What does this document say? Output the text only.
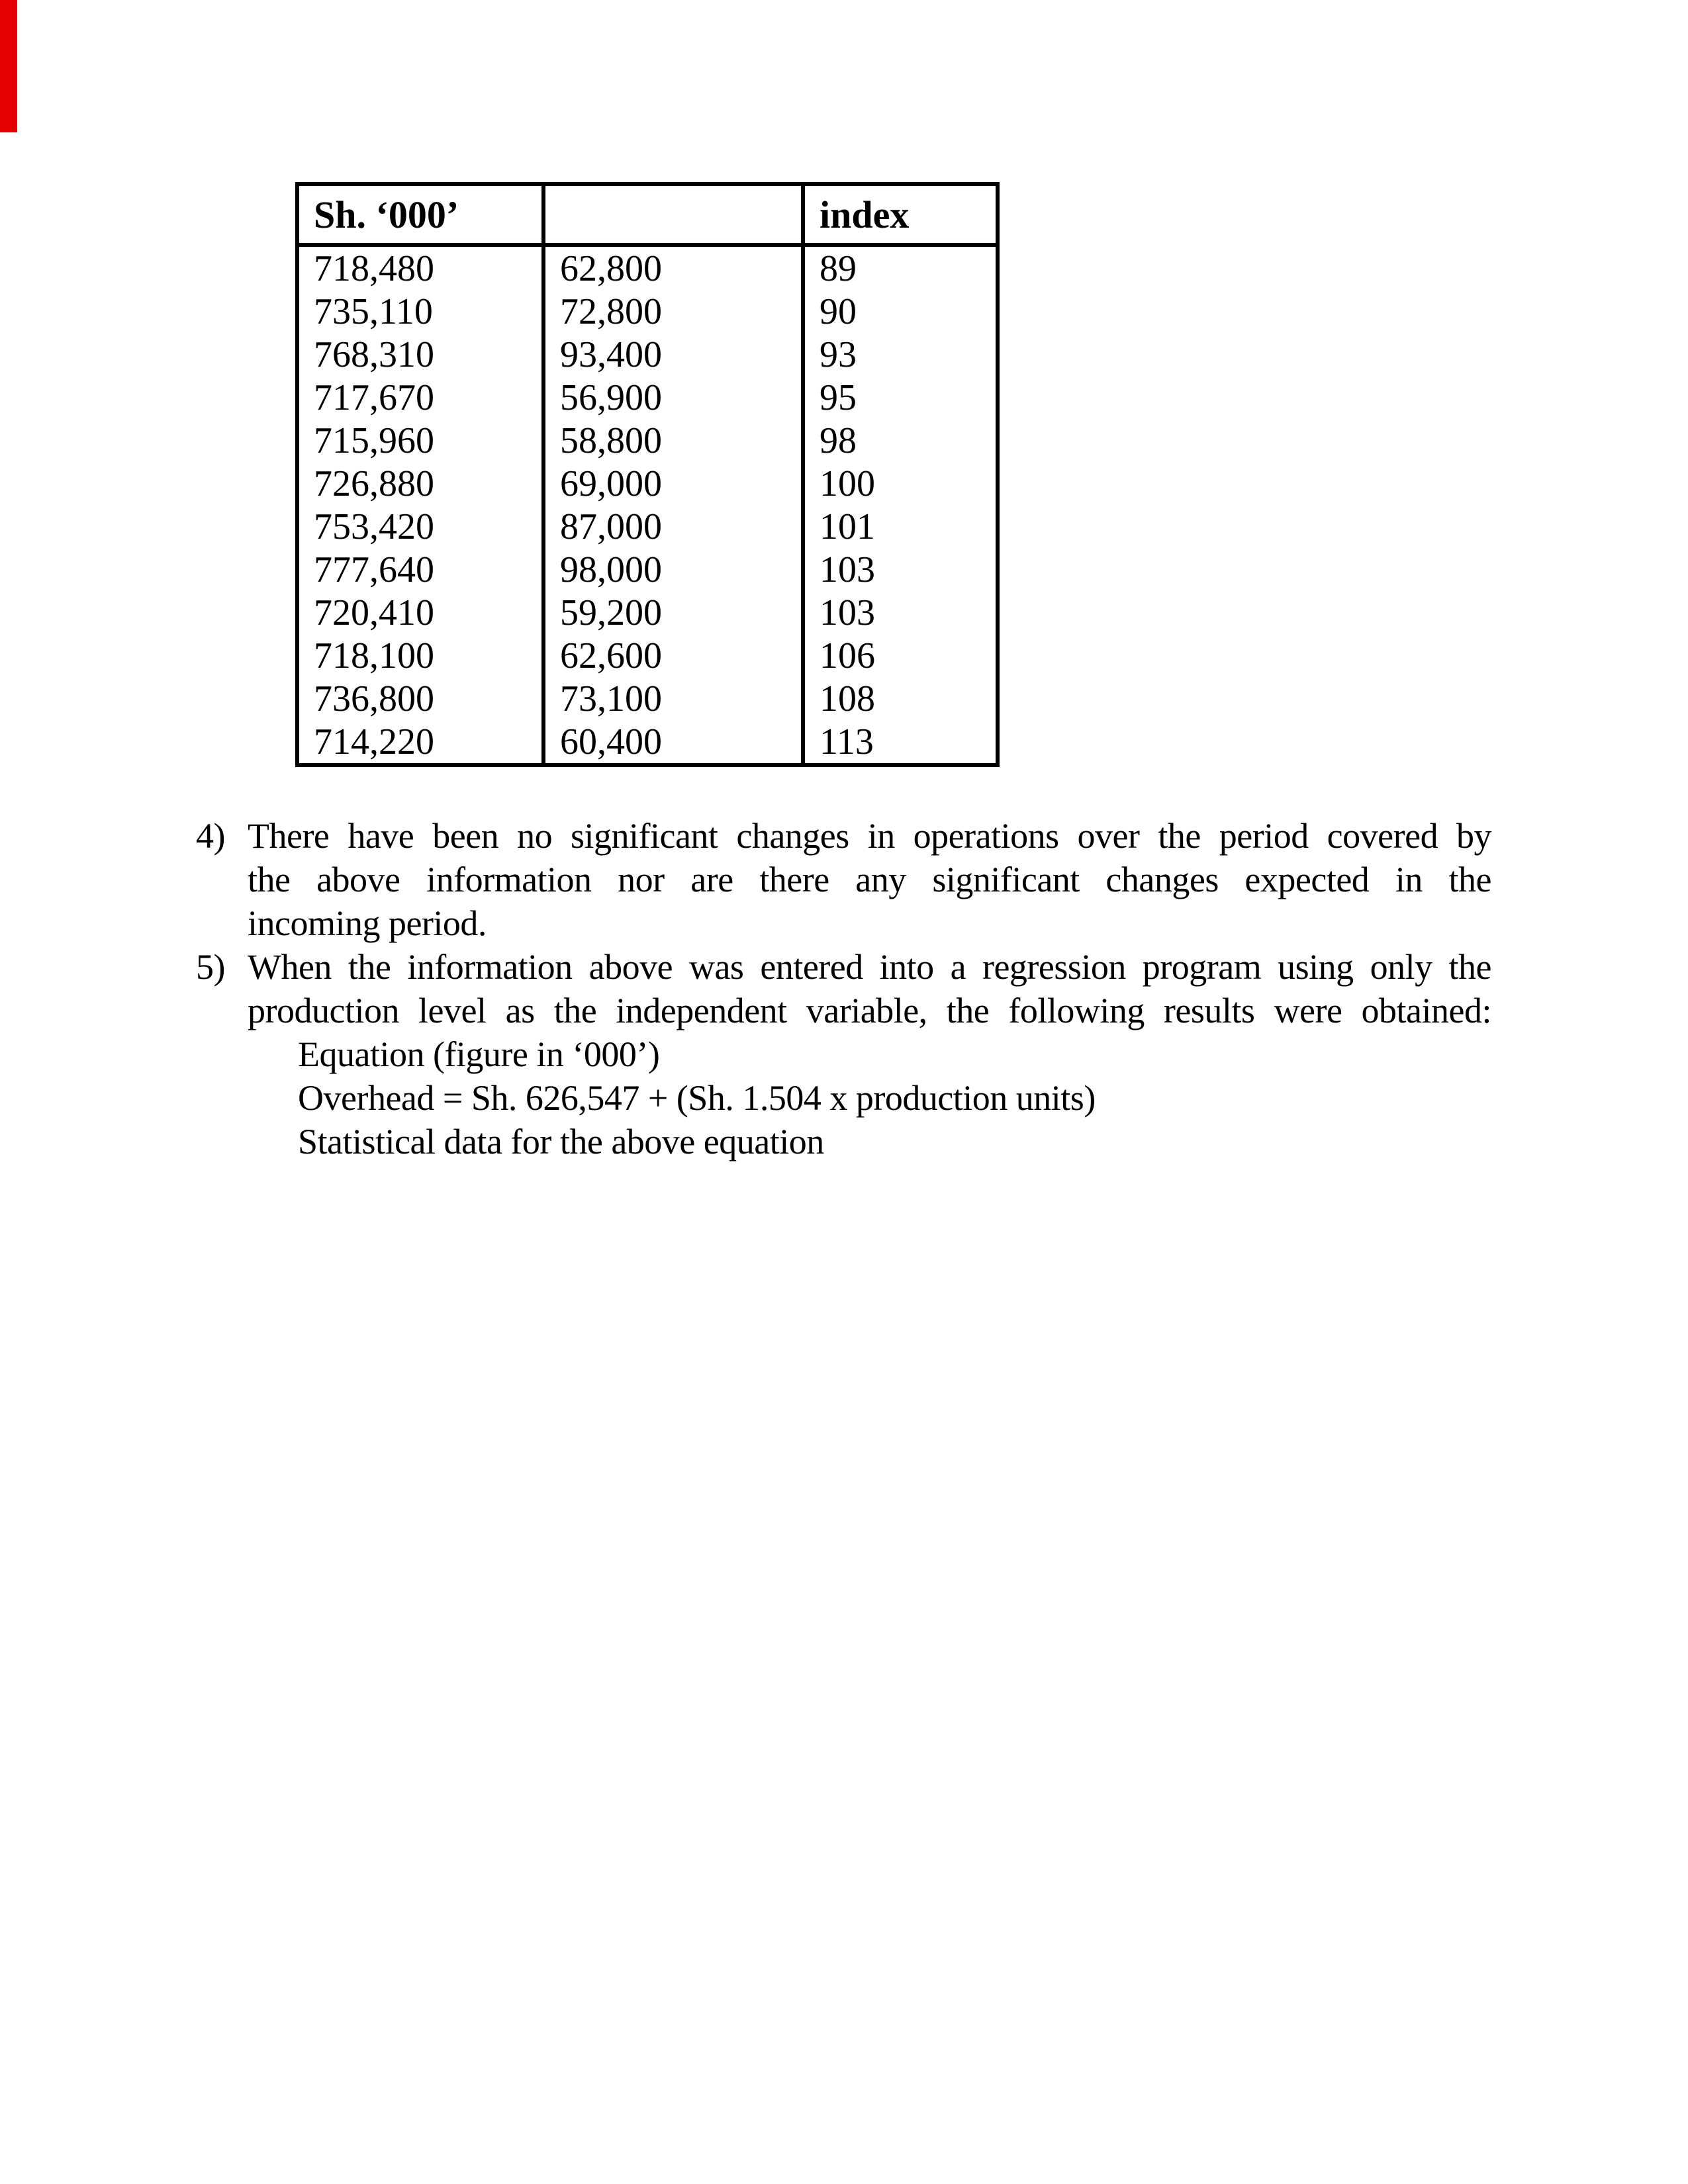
Sh. ‘000’		index
718,480	62,800	89
735,110	72,800	90
768,310	93,400	93
717,670	56,900	95
715,960	58,800	98
726,880	69,000	100
753,420	87,000	101
777,640	98,000	103
720,410	59,200	103
718,100	62,600	106
736,800	73,100	108
714,220	60,400	113
4) There have been no significant changes in operations over the period covered by
the above information nor are there any significant changes expected in the
incoming period.
5) When the information above was entered into a regression program using only the
production level as the independent variable, the following results were obtained:
Equation (figure in ‘000’)
Overhead = Sh. 626,547 + (Sh. 1.504 x production units)
Statistical data for the above equation
